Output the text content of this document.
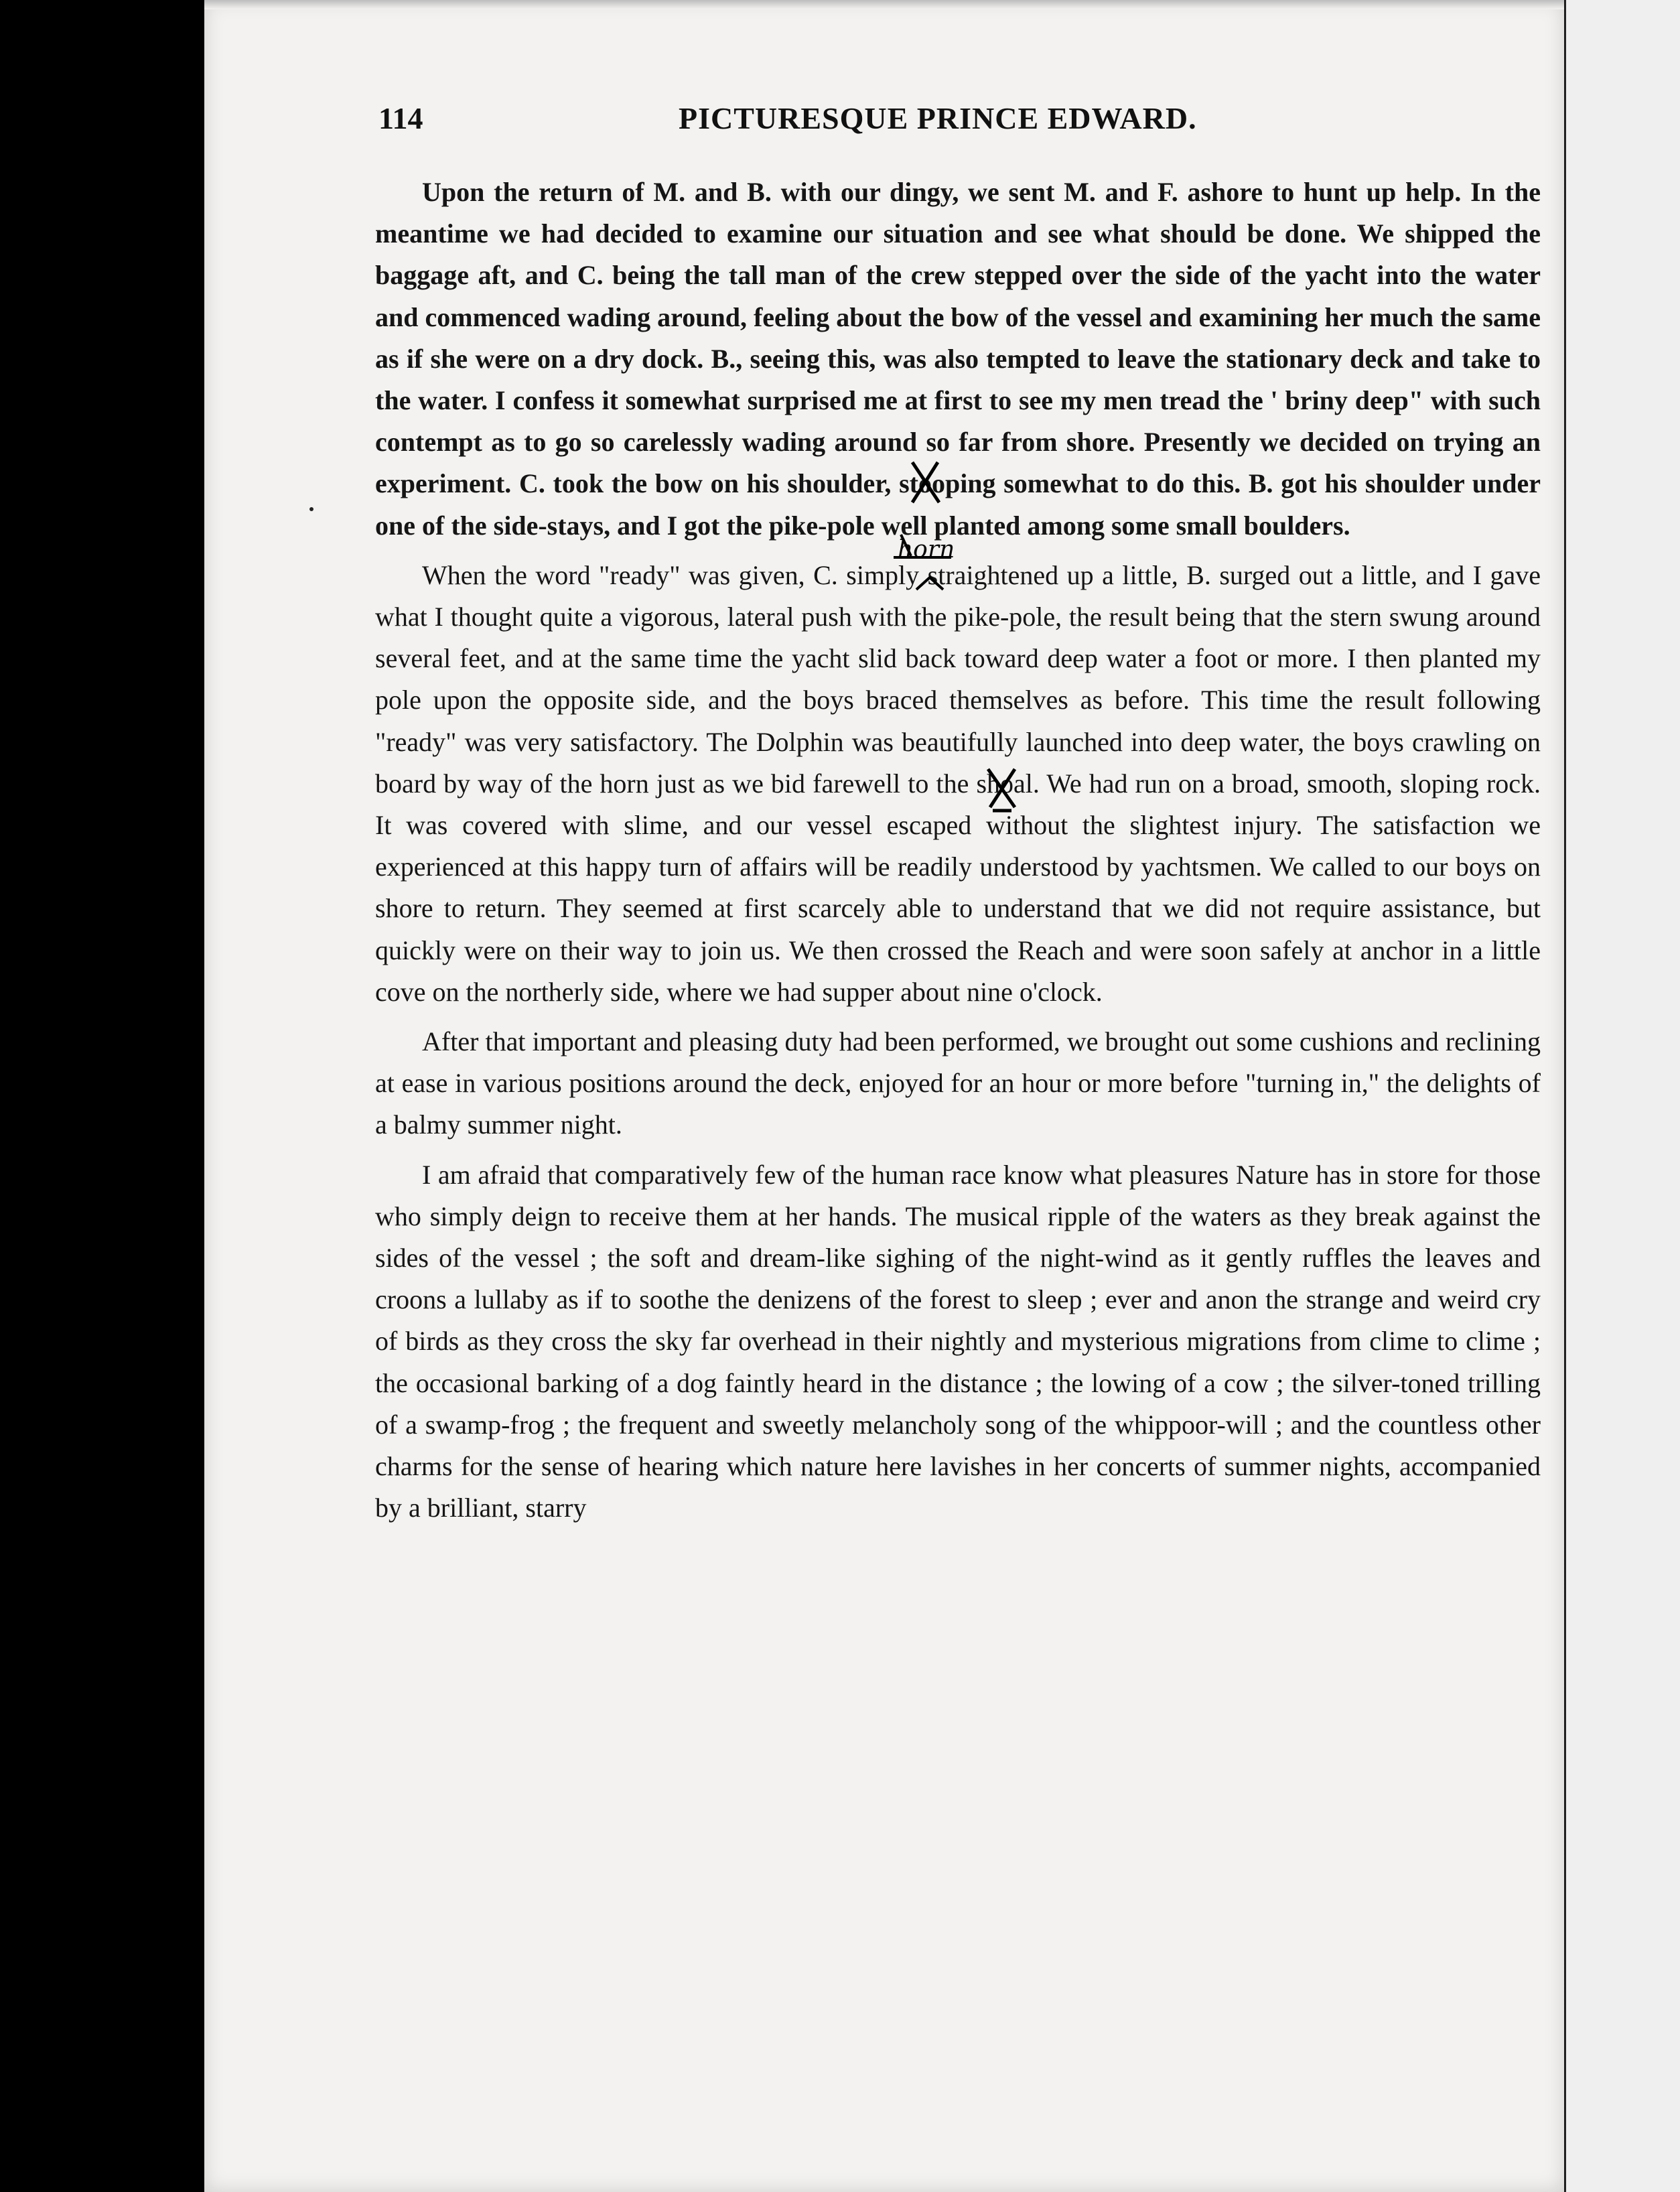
114	PICTURESQUE PRINCE EDWARD.

Upon the return of M. and B. with our dingy, we sent M. and F. ashore to hunt up help. In the meantime we had decided to examine our situation and see what should be done. We shipped the baggage aft, and C. being the tall man of the crew stepped over the side of the yacht into the water and commenced wading around, feeling about the bow of the vessel and examining her much the same as if she were on a dry dock. B., seeing this, was also tempted to leave the stationary deck and take to the water. I confess it somewhat surprised me at first to see my men tread the ' briny deep" with such contempt as to go so carelessly wading around so far from shore. Presently we decided on trying an experiment. C. took the bow on his shoulder, stooping somewhat to do this. B. got his shoulder under one of the side-stays, and I got the pike-pole well planted among some small boulders.

When the word "ready" was given, C. simply straightened up a little, B. surged out a little, and I gave what I thought quite a vigorous, lateral push with the pike-pole, the result being that the stern swung around several feet, and at the same time the yacht slid back toward deep water a foot or more. I then planted my pole upon the opposite side, and the boys braced themselves as before. This time the result following "ready" was very satisfactory. The Dolphin was beautifully launched into deep water, the boys crawling on board by way of the horn just as we bid farewell to the shoal. We had run on a broad, smooth, sloping rock. It was covered with slime, and our vessel escaped without the slightest injury. The satisfaction we experienced at this happy turn of affairs will be readily understood by yachtsmen. We called to our boys on shore to return. They seemed at first scarcely able to understand that we did not require assistance, but quickly were on their way to join us. We then crossed the Reach and were soon safely at anchor in a little cove on the northerly side, where we had supper about nine o'clock.

After that important and pleasing duty had been performed, we brought out some cushions and reclining at ease in various positions around the deck, enjoyed for an hour or more before "turning in," the delights of a balmy summer night.

I am afraid that comparatively few of the human race know what pleasures Nature has in store for those who simply deign to receive them at her hands. The musical ripple of the waters as they break against the sides of the vessel ; the soft and dream-like sighing of the night-wind as it gently ruffles the leaves and croons a lullaby as if to soothe the denizens of the forest to sleep ; ever and anon the strange and weird cry of birds as they cross the sky far overhead in their nightly and mysterious migrations from clime to clime ; the occasional barking of a dog faintly heard in the distance ; the lowing of a cow ; the silver-toned trilling of a swamp-frog ; the frequent and sweetly melancholy song of the whippoor-will ; and the countless other charms for the sense of hearing which nature here lavishes in her concerts of summer nights, accompanied by a brilliant, starry

horn
